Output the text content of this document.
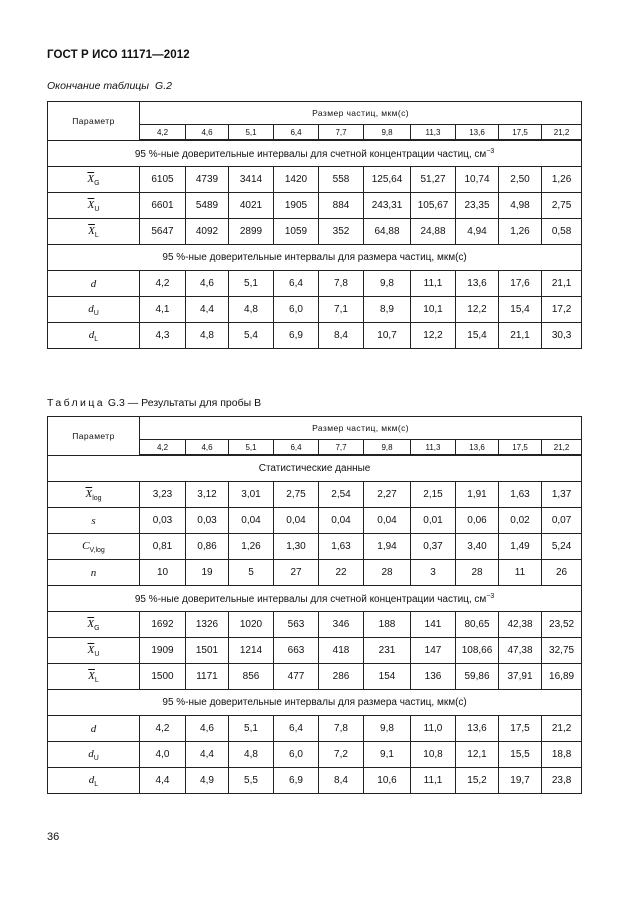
ГОСТ Р ИСО 11171—2012
Окончание таблицы G.2
Параметр	Размер частиц, мкм(с)									
	4,2	4,6	5,1	6,4	7,7	9,8	11,3	13,6	17,5	21,2
95 %-ные доверительные интервалы для счетной концентрации частиц, $см^{-3}$
$\overline{X}_G$	6105	4739	3414	1420	558	125,64	51,27	10,74	2,50	1,26
$\overline{X}_U$	6601	5489	4021	1905	884	243,31	105,67	23,35	4,98	2,75
$\overline{X}_L$	5647	4092	2899	1059	352	64,88	24,88	4,94	1,26	0,58
95 %-ные доверительные интервалы для размера частиц, мкм(с)										
d	4,2	4,6	5,1	6,4	7,8	9,8	11,1	13,6	17,6	21,1
$d_U$	4,1	4,4	4,8	6,0	7,1	8,9	10,1	12,2	15,4	17,2
$d_L$	4,3	4,8	5,4	6,9	8,4	10,7	12,2	15,4	21,1	30,3
Таблица G.3 — Результаты для пробы В
Параметр	Размер частиц, мкм(с)									
	4,2	4,6	5,1	6,4	7,7	9,8	11,3	13,6	17,5	21,2
Статистические данные										
$\overline{X}_{log}$	3,23	3,12	3,01	2,75	2,54	2,27	2,15	1,91	1,63	1,37
s	0,03	0,03	0,04	0,04	0,04	0,04	0,01	0,06	0,02	0,07
$C_{V,log}$	0,81	0,86	1,26	1,30	1,63	1,94	0,37	3,40	1,49	5,24
n	10	19	5	27	22	28	3	28	11	26
95 %-ные доверительные интервалы для счетной концентрации частиц, $см^{-3}$
$\overline{X}_G$	1692	1326	1020	563	346	188	141	80,65	42,38	23,52
$\overline{X}_U$	1909	1501	1214	663	418	231	147	108,66	47,38	32,75
$\overline{X}_L$	1500	1171	856	477	286	154	136	59,86	37,91	16,89
95 %-ные доверительные интервалы для размера частиц, мкм(с)										
d	4,2	4,6	5,1	6,4	7,8	9,8	11,0	13,6	17,5	21,2
$d_U$	4,0	4,4	4,8	6,0	7,2	9,1	10,8	12,1	15,5	18,8
$d_L$	4,4	4,9	5,5	6,9	8,4	10,6	11,1	15,2	19,7	23,8
36
